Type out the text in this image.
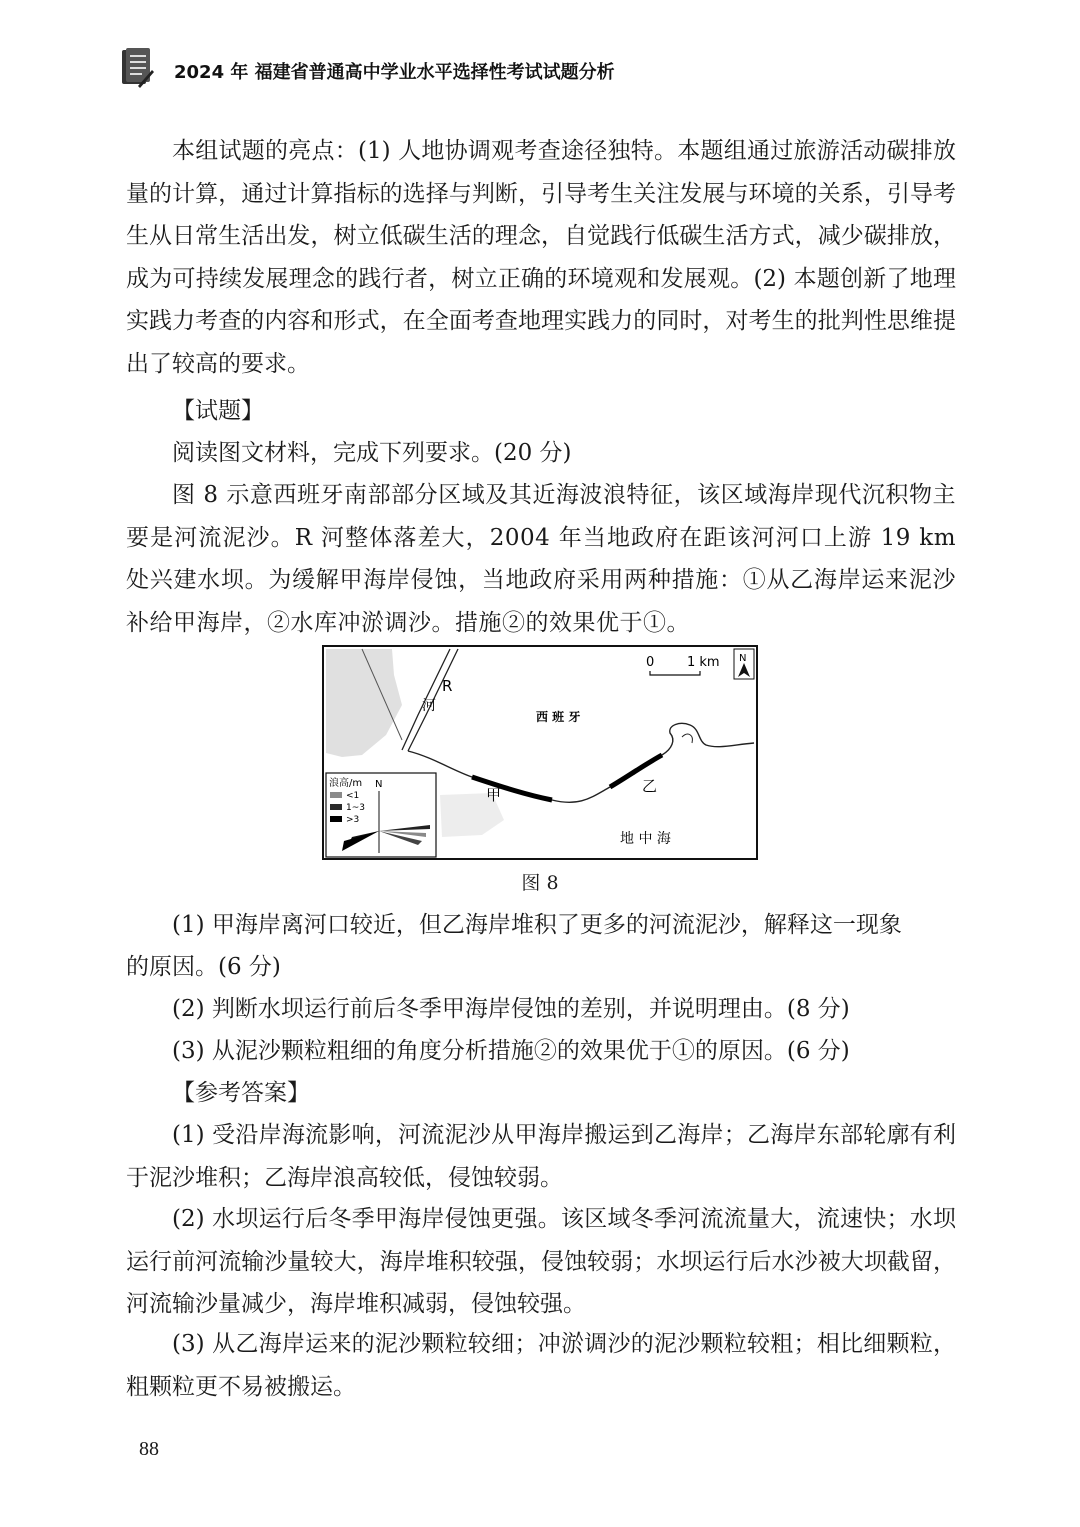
2024 年 福建省普通高中学业水平选择性考试试题分析
本组试题的亮点：(1) 人地协调观考查途径独特。本题组通过旅游活动碳排放量的计算，通过计算指标的选择与判断，引导考生关注发展与环境的关系，引导考生从日常生活出发，树立低碳生活的理念，自觉践行低碳生活方式，减少碳排放，成为可持续发展理念的践行者，树立正确的环境观和发展观。(2) 本题创新了地理实践力考查的内容和形式，在全面考查地理实践力的同时，对考生的批判性思维提出了较高的要求。
【试题】
阅读图文材料，完成下列要求。(20 分)
图 8 示意西班牙南部部分区域及其近海波浪特征，该区域海岸现代沉积物主要是河流泥沙。R 河整体落差大，2004 年当地政府在距该河河口上游 19 km 处兴建水坝。为缓解甲海岸侵蚀，当地政府采用两种措施：①从乙海岸运来泥沙补给甲海岸，②水库冲淤调沙。措施②的效果优于①。
0	1 km N
R
河
西 班 牙
甲	乙
地 中 海
浪高/m
<1
1~3
>3
N
图 8
(1) 甲海岸离河口较近，但乙海岸堆积了更多的河流泥沙，解释这一现象
的原因。(6 分)
(2) 判断水坝运行前后冬季甲海岸侵蚀的差别，并说明理由。(8 分)
(3) 从泥沙颗粒粗细的角度分析措施②的效果优于①的原因。(6 分)
【参考答案】
(1) 受沿岸海流影响，河流泥沙从甲海岸搬运到乙海岸；乙海岸东部轮廓有利于泥沙堆积；乙海岸浪高较低，侵蚀较弱。
(2) 水坝运行后冬季甲海岸侵蚀更强。该区域冬季河流流量大，流速快；水坝运行前河流输沙量较大，海岸堆积较强，侵蚀较弱；水坝运行后水沙被大坝截留，河流输沙量减少，海岸堆积减弱，侵蚀较强。
(3) 从乙海岸运来的泥沙颗粒较细；冲淤调沙的泥沙颗粒较粗；相比细颗粒，粗颗粒更不易被搬运。
88
